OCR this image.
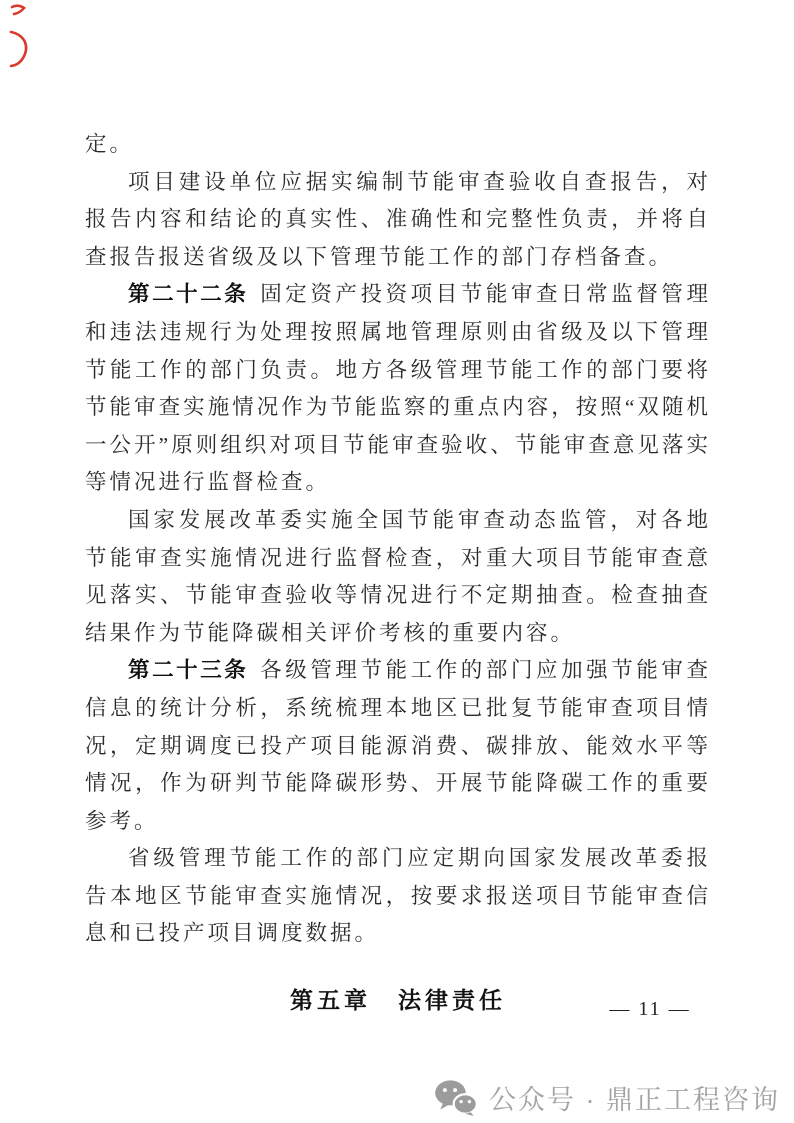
定。

项目建设单位应据实编制节能审查验收自查报告，对报告内容和结论的真实性、准确性和完整性负责，并将自查报告报送省级及以下管理节能工作的部门存档备查。

第二十二条 固定资产投资项目节能审查日常监督管理和违法违规行为处理按照属地管理原则由省级及以下管理节能工作的部门负责。地方各级管理节能工作的部门要将节能审查实施情况作为节能监察的重点内容，按照“双随机一公开”原则组织对项目节能审查验收、节能审查意见落实等情况进行监督检查。

国家发展改革委实施全国节能审查动态监管，对各地节能审查实施情况进行监督检查，对重大项目节能审查意见落实、节能审查验收等情况进行不定期抽查。检查抽查结果作为节能降碳相关评价考核的重要内容。

第二十三条 各级管理节能工作的部门应加强节能审查信息的统计分析，系统梳理本地区已批复节能审查项目情况，定期调度已投产项目能源消费、碳排放、能效水平等情况，作为研判节能降碳形势、开展节能降碳工作的重要参考。

省级管理节能工作的部门应定期向国家发展改革委报告本地区节能审查实施情况，按要求报送项目节能审查信息和已投产项目调度数据。

第五章　法律责任	— 11 —
公众号 · 鼎正工程咨询
